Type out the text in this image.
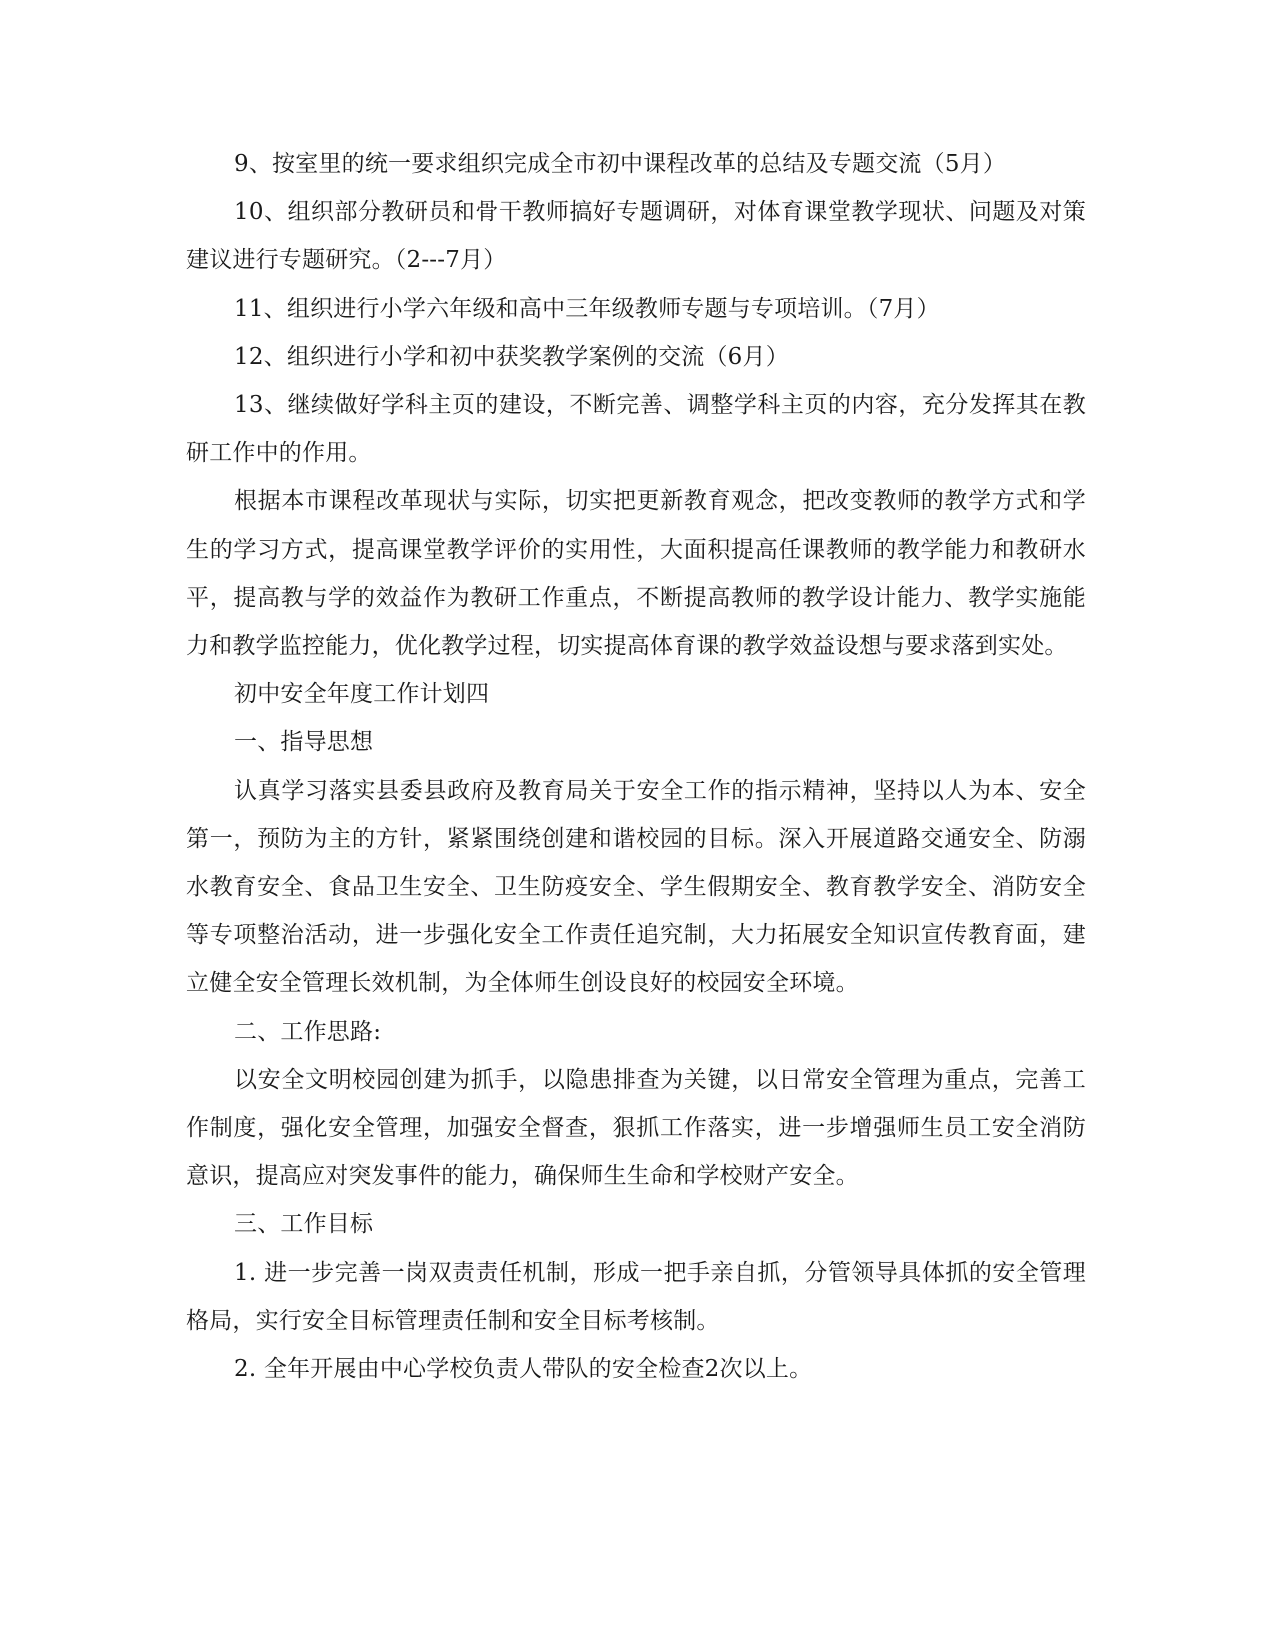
9、按室里的统一要求组织完成全市初中课程改革的总结及专题交流（5月）

10、组织部分教研员和骨干教师搞好专题调研，对体育课堂教学现状、问题及对策建议进行专题研究。（2---7月）

11、组织进行小学六年级和高中三年级教师专题与专项培训。（7月）

12、组织进行小学和初中获奖教学案例的交流（6月）

13、继续做好学科主页的建设，不断完善、调整学科主页的内容，充分发挥其在教研工作中的作用。

根据本市课程改革现状与实际，切实把更新教育观念，把改变教师的教学方式和学生的学习方式，提高课堂教学评价的实用性，大面积提高任课教师的教学能力和教研水平，提高教与学的效益作为教研工作重点，不断提高教师的教学设计能力、教学实施能力和教学监控能力，优化教学过程，切实提高体育课的教学效益设想与要求落到实处。

初中安全年度工作计划四

一、指导思想

认真学习落实县委县政府及教育局关于安全工作的指示精神，坚持以人为本、安全第一，预防为主的方针，紧紧围绕创建和谐校园的目标。深入开展道路交通安全、防溺水教育安全、食品卫生安全、卫生防疫安全、学生假期安全、教育教学安全、消防安全等专项整治活动，进一步强化安全工作责任追究制，大力拓展安全知识宣传教育面，建立健全安全管理长效机制，为全体师生创设良好的校园安全环境。

二、工作思路:

以安全文明校园创建为抓手，以隐患排查为关键，以日常安全管理为重点，完善工作制度，强化安全管理，加强安全督查，狠抓工作落实，进一步增强师生员工安全消防意识，提高应对突发事件的能力，确保师生生命和学校财产安全。

三、工作目标

1. 进一步完善一岗双责责任机制，形成一把手亲自抓，分管领导具体抓的安全管理格局，实行安全目标管理责任制和安全目标考核制。

2. 全年开展由中心学校负责人带队的安全检查2次以上。
